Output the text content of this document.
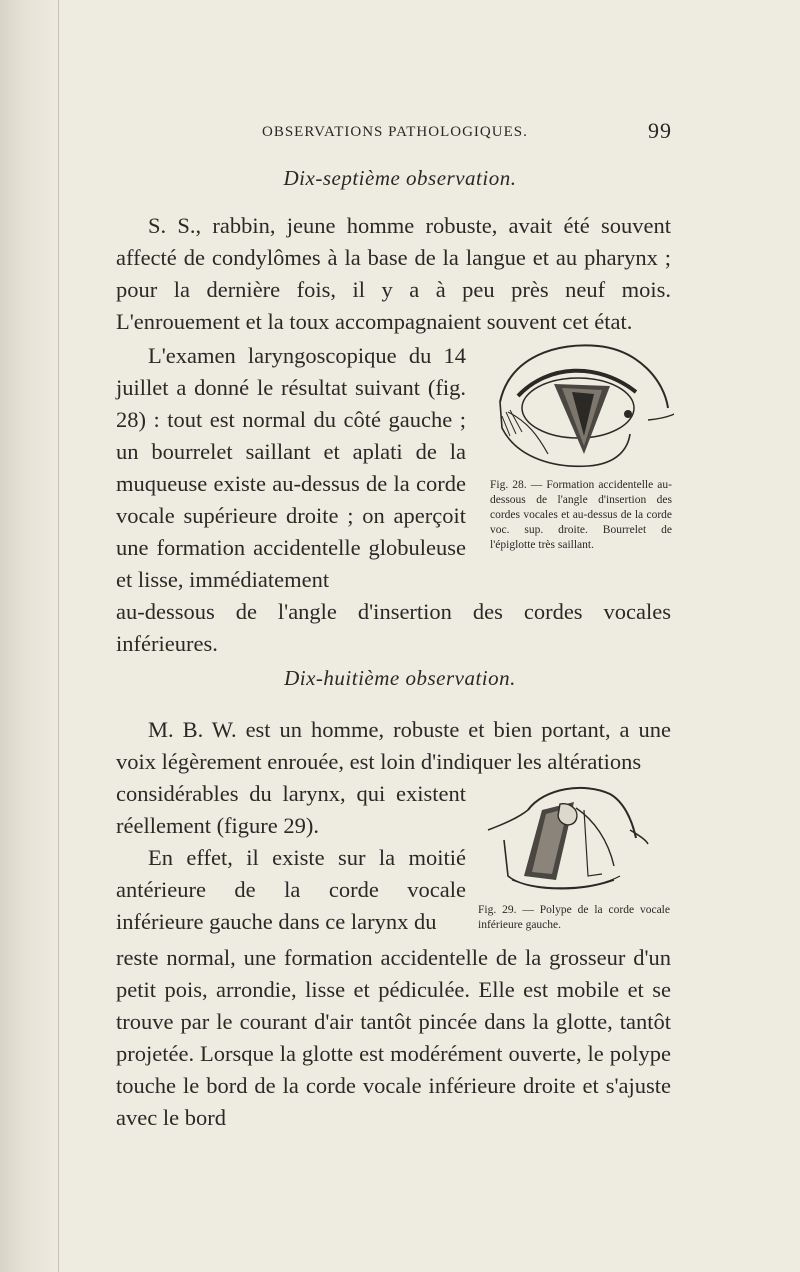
OBSERVATIONS PATHOLOGIQUES.	99
Dix-septième observation.

S. S., rabbin, jeune homme robuste, avait été souvent affecté de condylômes à la base de la langue et au pharynx ; pour la dernière fois, il y a à peu près neuf mois. L'enrouement et la toux accompagnaient souvent cet état.

L'examen laryngoscopique du 14 juillet a donné le résultat suivant (fig. 28) : tout est normal du côté gauche ; un bourrelet saillant et aplati de la muqueuse existe au-dessus de la corde vocale supérieure droite ; on aperçoit une formation accidentelle globuleuse et lisse, immédiatement

au-dessous de l'angle d'insertion des cordes vocales inférieures.

Fig. 28. — Formation accidentelle au-dessous de l'angle d'insertion des cordes vocales et au-dessus de la corde voc. sup. droite. Bourrelet de l'épiglotte très saillant.
Dix-huitième observation.

M. B. W. est un homme, robuste et bien portant, a une voix légèrement enrouée, est loin d'indiquer les altérations

considérables du larynx, qui existent réellement (figure 29).

En effet, il existe sur la moitié antérieure de la corde vocale inférieure gauche dans ce larynx du

reste normal, une formation accidentelle de la grosseur d'un petit pois, arrondie, lisse et pédiculée. Elle est mobile et se trouve par le courant d'air tantôt pincée dans la glotte, tantôt projetée. Lorsque la glotte est modérément ouverte, le polype touche le bord de la corde vocale inférieure droite et s'ajuste avec le bord

Fig. 29. — Polype de la corde vocale inférieure gauche.
